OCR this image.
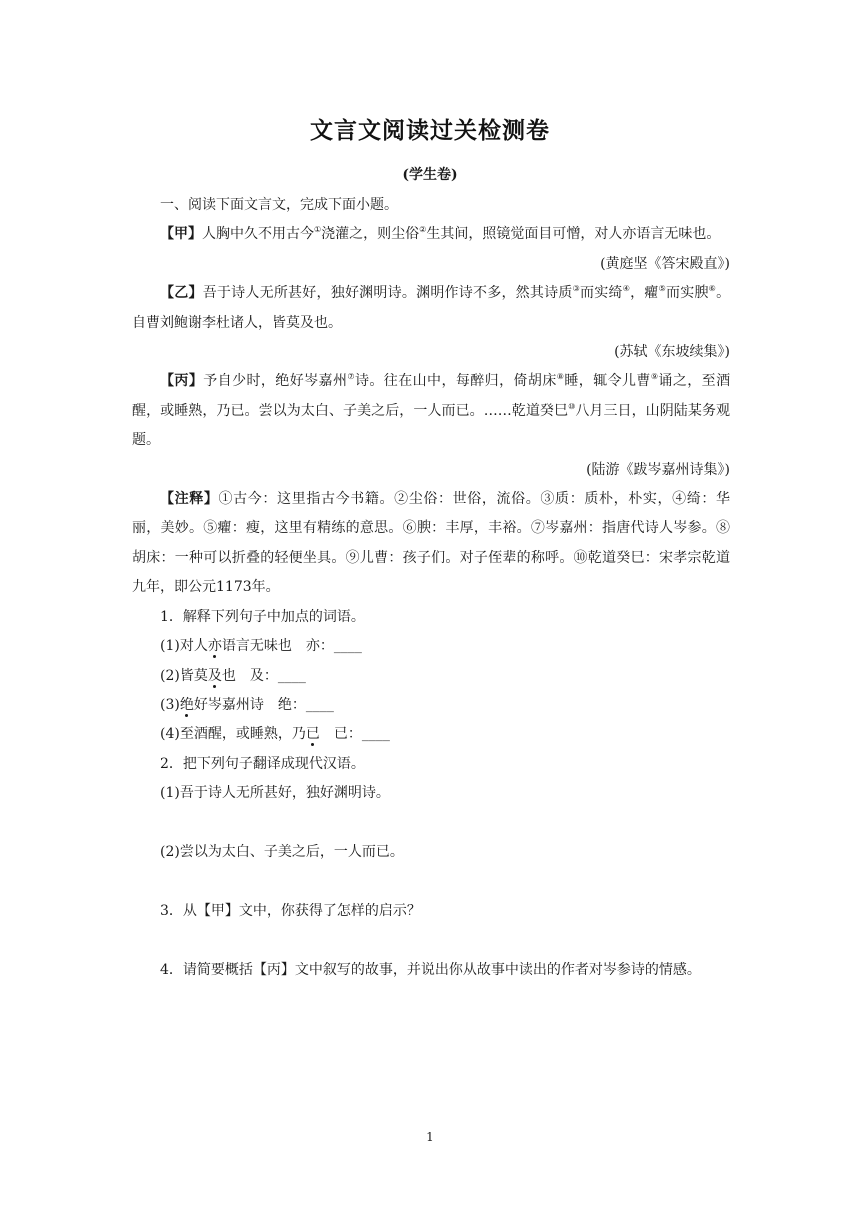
文言文阅读过关检测卷
(学生卷)

一、阅读下面文言文，完成下面小题。

【甲】人胸中久不用古今①浇灌之，则尘俗②生其间，照镜觉面目可憎，对人亦语言无味也。

(黄庭坚《答宋殿直》)

【乙】吾于诗人无所甚好，独好渊明诗。渊明作诗不多，然其诗质③而实绮④，癯⑤而实腴⑥。自曹刘鲍谢李杜诸人，皆莫及也。

(苏轼《东坡续集》)

【丙】予自少时，绝好岑嘉州⑦诗。往在山中，每醉归，倚胡床⑧睡，辄令儿曹⑨诵之，至酒醒，或睡熟，乃已。尝以为太白、子美之后，一人而已。……乾道癸巳⑩八月三日，山阴陆某务观题。

(陆游《跋岑嘉州诗集》)

【注释】①古今：这里指古今书籍。②尘俗：世俗，流俗。③质：质朴，朴实，④绮：华丽，美妙。⑤癯：瘦，这里有精练的意思。⑥腴：丰厚，丰裕。⑦岑嘉州：指唐代诗人岑参。⑧胡床：一种可以折叠的轻便坐具。⑨儿曹：孩子们。对子侄辈的称呼。⑩乾道癸巳：宋孝宗乾道九年，即公元1173年。

1．解释下列句子中加点的词语。

(1)对人亦语言无味也　亦：____

(2)皆莫及也　及：____

(3)绝好岑嘉州诗　绝：____

(4)至酒醒，或睡熟，乃已　已：____

2．把下列句子翻译成现代汉语。

(1)吾于诗人无所甚好，独好渊明诗。

(2)尝以为太白、子美之后，一人而已。

3．从【甲】文中，你获得了怎样的启示？

4．请简要概括【丙】文中叙写的故事，并说出你从故事中读出的作者对岑参诗的情感。

1
